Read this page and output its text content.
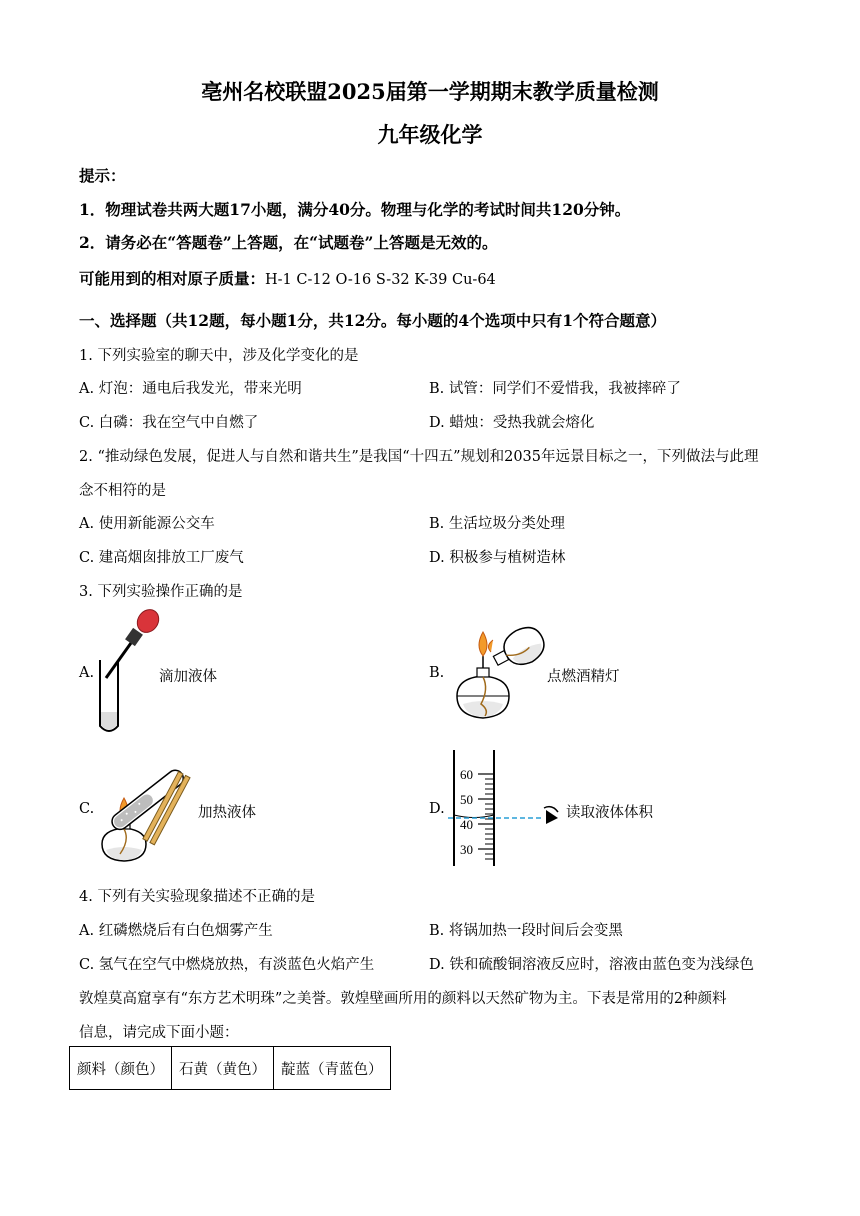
亳州名校联盟2025届第一学期期末教学质量检测
九年级化学
提示：
1．物理试卷共两大题17小题，满分40分。物理与化学的考试时间共120分钟。
2．请务必在“答题卷”上答题，在“试题卷”上答题是无效的。
可能用到的相对原子质量：H-1 C-12 O-16 S-32 K-39 Cu-64
一、选择题（共12题，每小题1分，共12分。每小题的4个选项中只有1个符合题意）
1. 下列实验室的聊天中，涉及化学变化的是
A. 灯泡：通电后我发光，带来光明	B. 试管：同学们不爱惜我，我被摔碎了
C. 白磷：我在空气中自燃了	D. 蜡烛：受热我就会熔化
2. “推动绿色发展，促进人与自然和谐共生”是我国“十四五”规划和2035年远景目标之一，下列做法与此理
念不相符的是
A. 使用新能源公交车	B. 生活垃圾分类处理
C. 建高烟囱排放工厂废气	D. 积极参与植树造林
3. 下列实验操作正确的是
A.	滴加液体	B.	点燃酒精灯
C.	加热液体	D.
60
50
40
30
读取液体体积
4. 下列有关实验现象描述不正确的是
A. 红磷燃烧后有白色烟雾产生	B. 将锅加热一段时间后会变黑
C. 氢气在空气中燃烧放热，有淡蓝色火焰产生	D. 铁和硫酸铜溶液反应时，溶液由蓝色变为浅绿色
敦煌莫高窟享有“东方艺术明珠”之美誉。敦煌壁画所用的颜料以天然矿物为主。下表是常用的2种颜料
信息，请完成下面小题：
颜料（颜色）	石黄（黄色）	靛蓝（青蓝色）
